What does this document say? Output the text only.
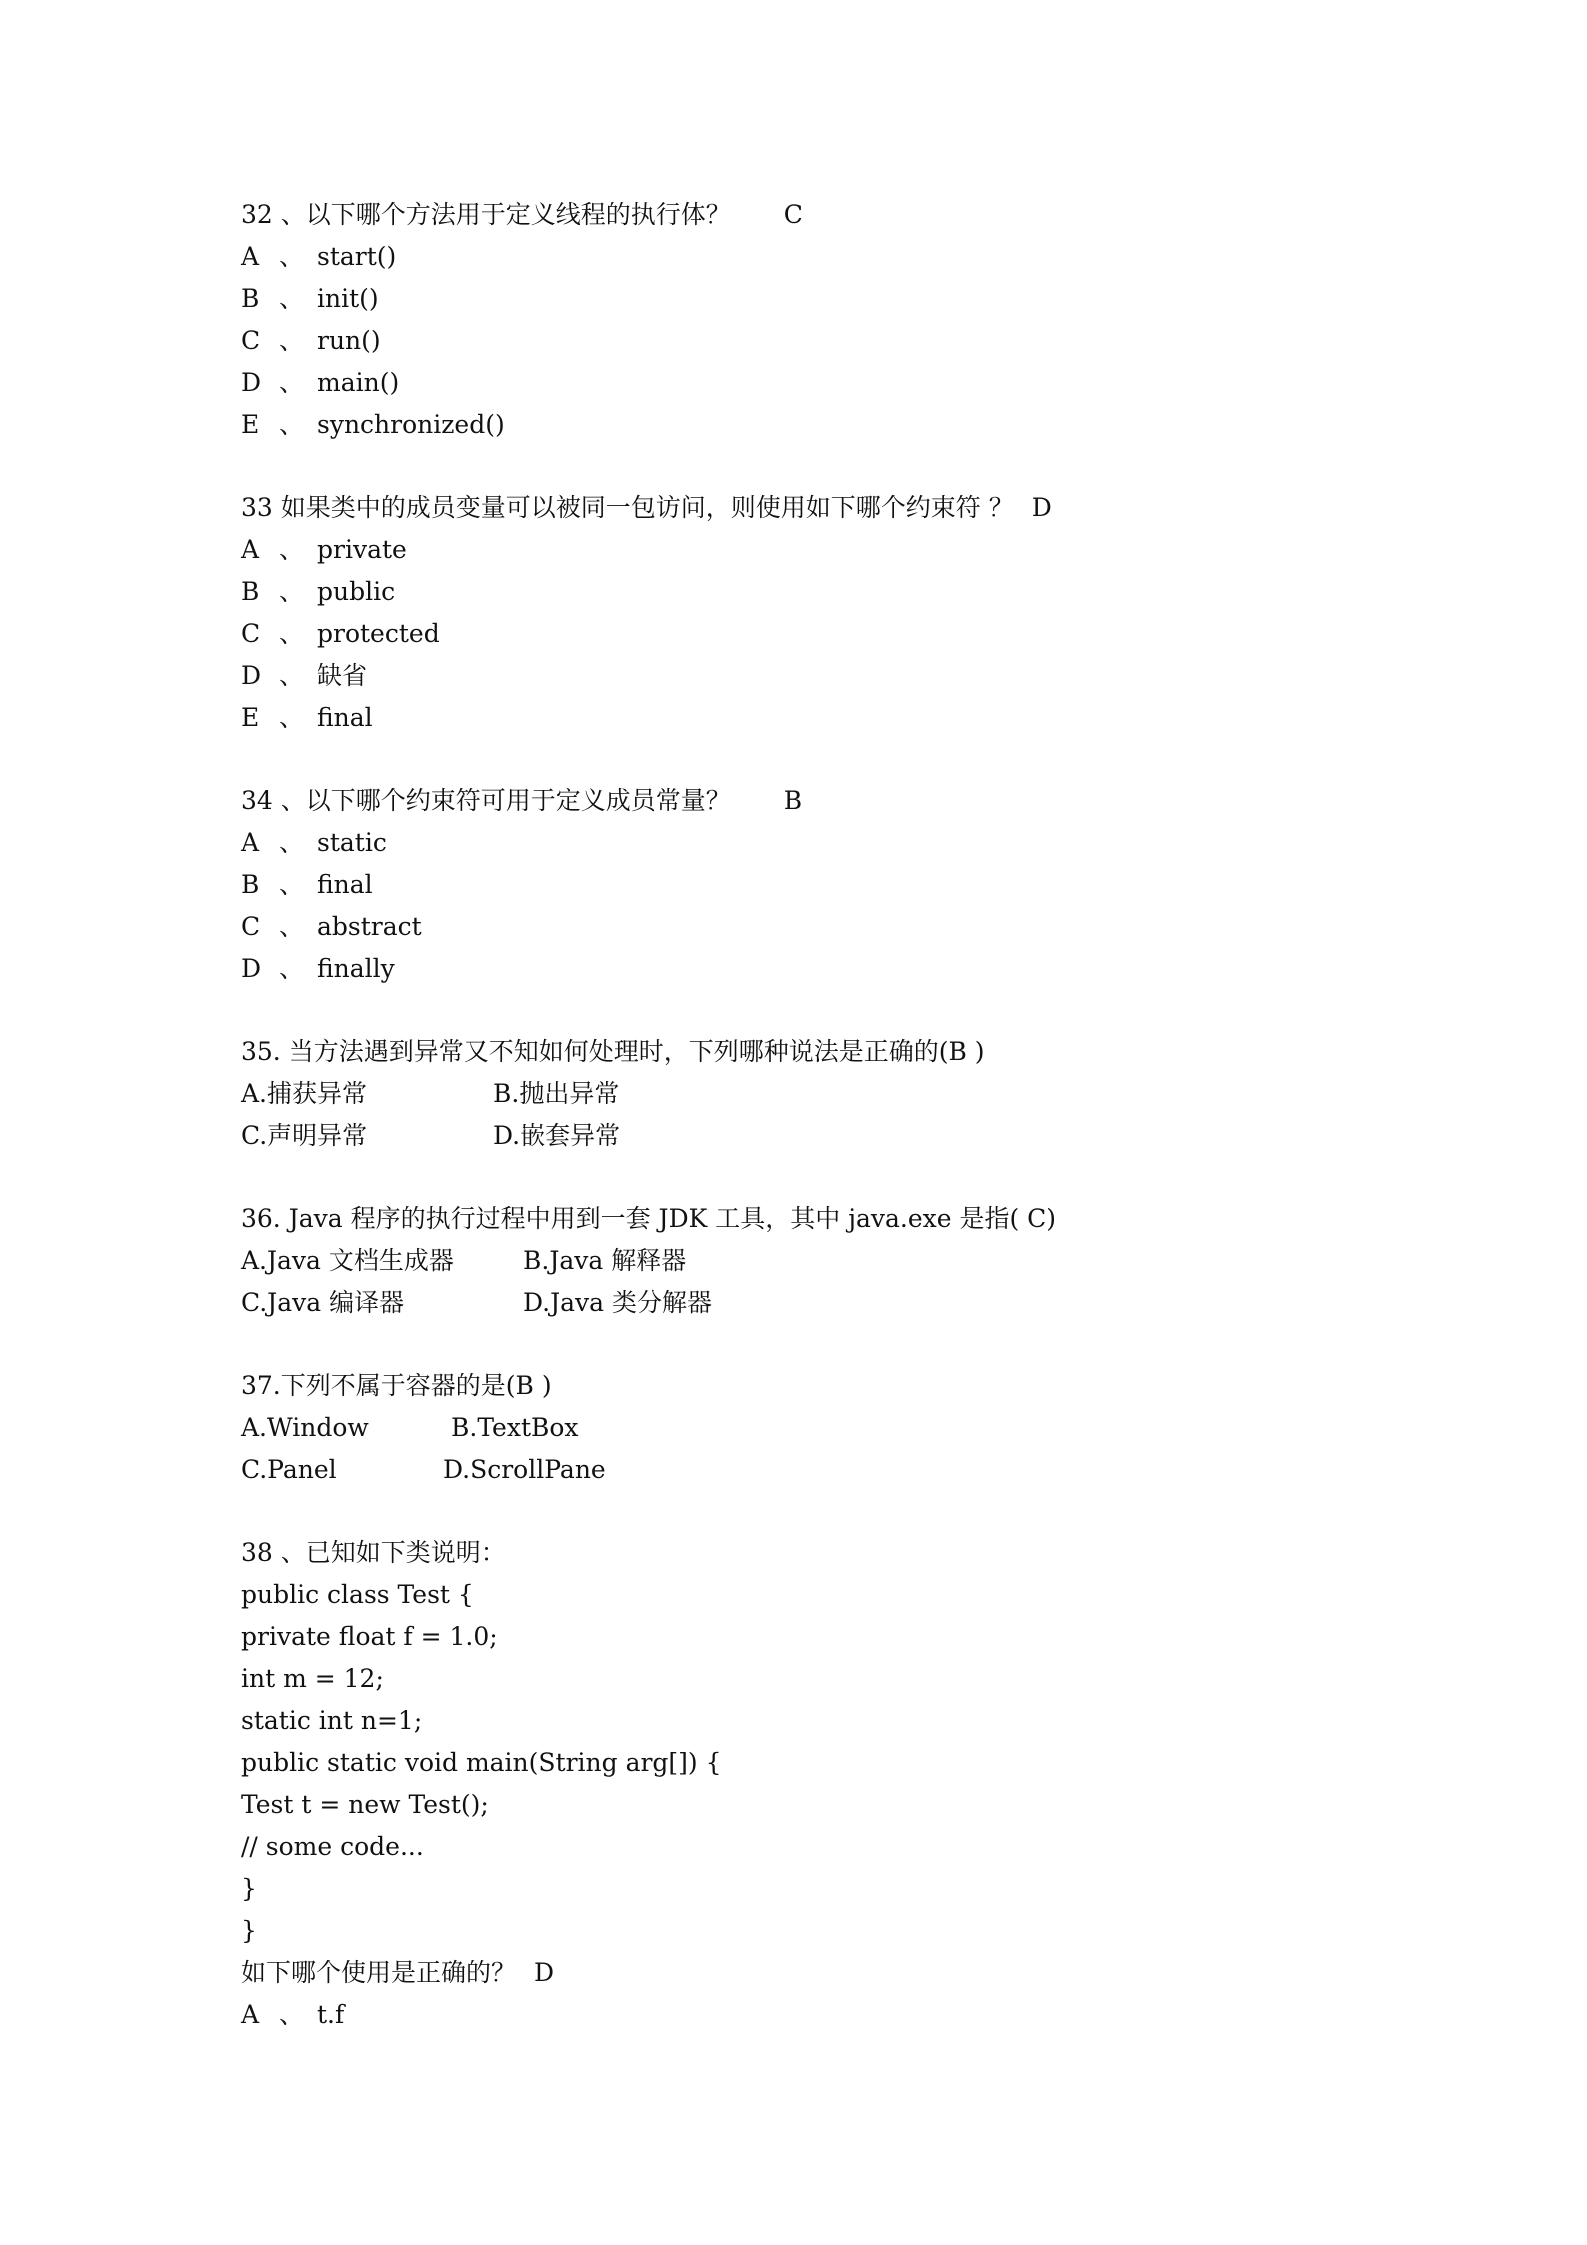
32 、以下哪个方法用于定义线程的执行体？ C
A 、 start()
B 、 init()
C 、 run()
D 、 main()
E 、 synchronized()
33 如果类中的成员变量可以被同一包访问，则使用如下哪个约束符 ？ D
A 、 private
B 、 public
C 、 protected
D 、 缺省
E 、 final
34 、以下哪个约束符可用于定义成员常量？ B
A 、 static
B 、 final
C 、 abstract
D 、 finally
35. 当方法遇到异常又不知如何处理时，下列哪种说法是正确的(B )
A.捕获异常	B.抛出异常
C.声明异常	D.嵌套异常
36. Java 程序的执行过程中用到一套 JDK 工具，其中 java.exe 是指( C)
A.Java 文档生成器	B.Java 解释器
C.Java 编译器	D.Java 类分解器
37.下列不属于容器的是(B )
A.Window	B.TextBox
C.Panel	D.ScrollPane
38 、已知如下类说明：
public class Test {
private float f = 1.0;
int m = 12;
static int n=1;
public static void main(String arg[]) {
Test t = new Test();
// some code...
}
}
如下哪个使用是正确的？ D
A 、 t.f
